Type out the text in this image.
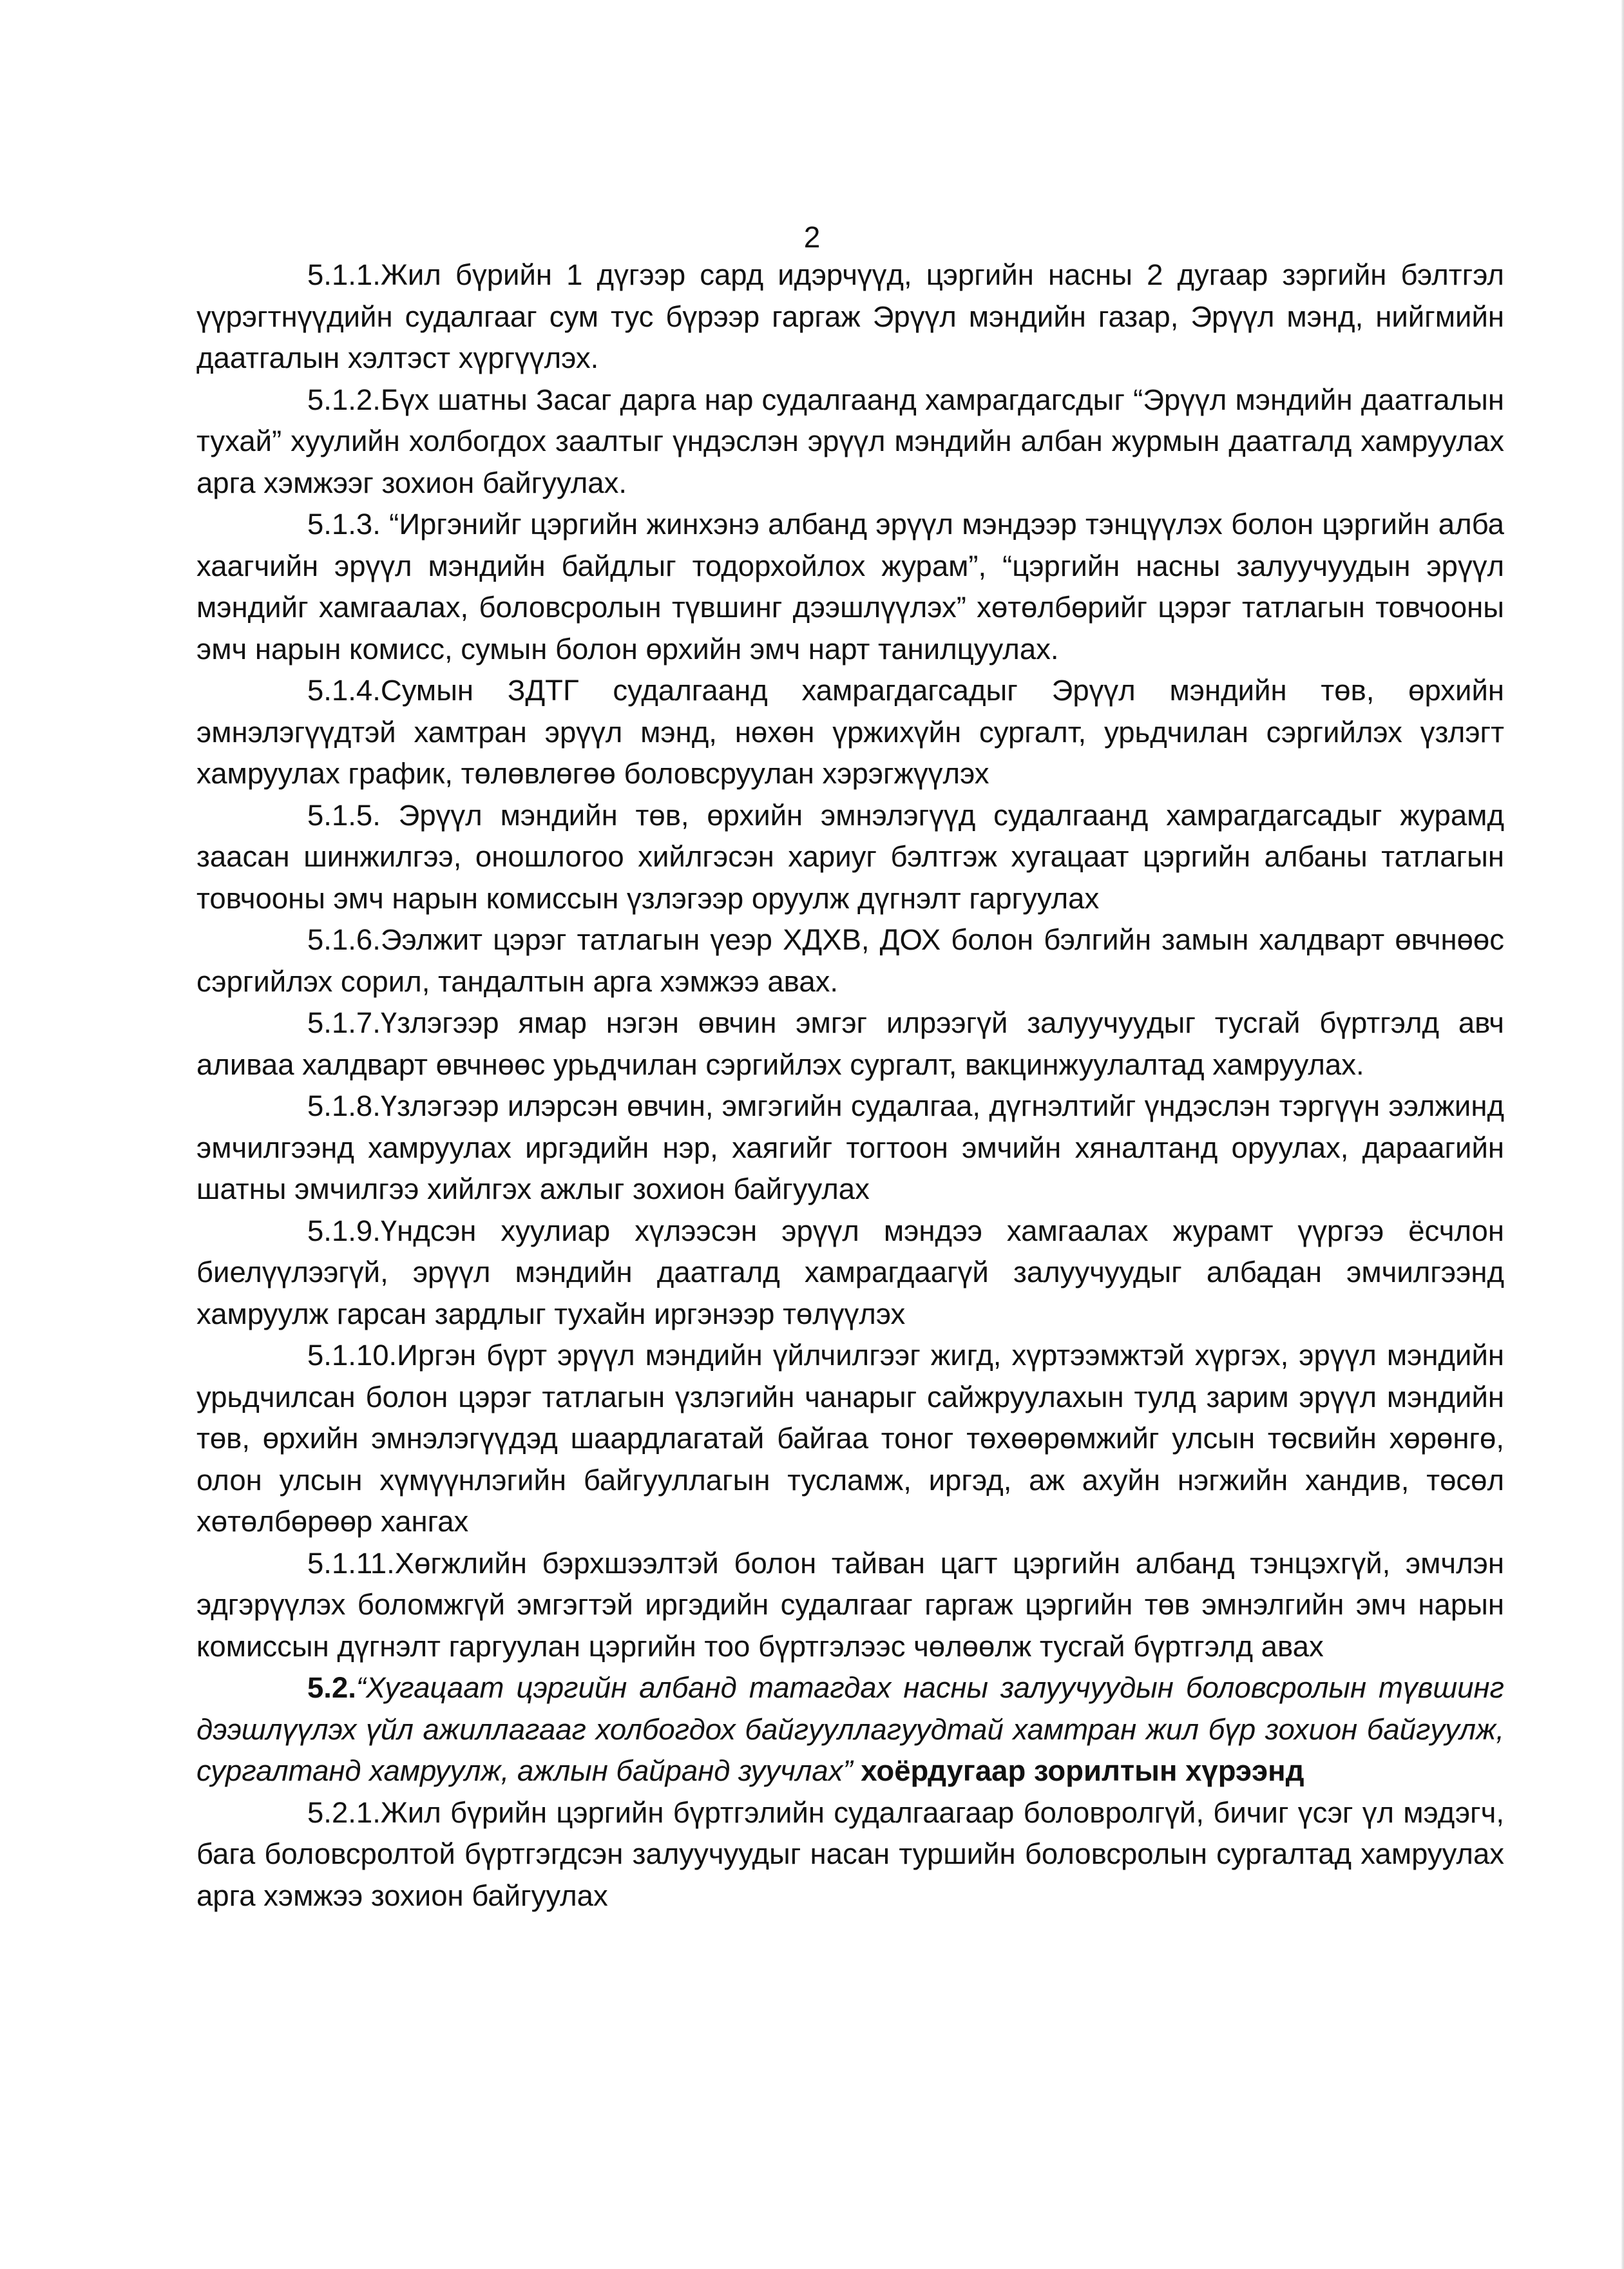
2

5.1.1.Жил бүрийн 1 дүгээр сард идэрчүүд, цэргийн насны 2 дугаар зэргийн бэлтгэл үүрэгтнүүдийн судалгааг сум тус бүрээр гаргаж Эрүүл мэндийн газар, Эрүүл мэнд, нийгмийн даатгалын хэлтэст хүргүүлэх.

5.1.2.Бүх шатны Засаг дарга нар судалгаанд хамрагдагсдыг “Эрүүл мэндийн даатгалын тухай” хуулийн холбогдох заалтыг үндэслэн эрүүл мэндийн албан журмын даатгалд хамруулах арга хэмжээг зохион байгуулах.

5.1.3. “Иргэнийг цэргийн жинхэнэ албанд эрүүл мэндээр тэнцүүлэх болон цэргийн алба хаагчийн эрүүл мэндийн байдлыг тодорхойлох журам”, “цэргийн насны залуучуудын эрүүл мэндийг хамгаалах, боловсролын түвшинг дээшлүүлэх” хөтөлбөрийг цэрэг татлагын товчооны эмч нарын комисс, сумын болон өрхийн эмч нарт танилцуулах.

5.1.4.Сумын ЗДТГ судалгаанд хамрагдагсадыг Эрүүл мэндийн төв, өрхийн эмнэлэгүүдтэй хамтран эрүүл мэнд, нөхөн үржихүйн сургалт, урьдчилан сэргийлэх үзлэгт хамруулах график, төлөвлөгөө боловсруулан хэрэгжүүлэх

5.1.5. Эрүүл мэндийн төв, өрхийн эмнэлэгүүд судалгаанд хамрагдагсадыг журамд заасан шинжилгээ, оношлогоо хийлгэсэн хариуг бэлтгэж хугацаат цэргийн албаны татлагын товчооны эмч нарын комиссын үзлэгээр оруулж дүгнэлт гаргуулах

5.1.6.Ээлжит цэрэг татлагын үеэр ХДХВ, ДОХ болон бэлгийн замын халдварт өвчнөөс сэргийлэх сорил, тандалтын арга хэмжээ авах.

5.1.7.Үзлэгээр ямар нэгэн өвчин эмгэг илрээгүй залуучуудыг тусгай бүртгэлд авч аливаа халдварт өвчнөөс урьдчилан сэргийлэх сургалт, вакцинжуулалтад хамруулах.

5.1.8.Үзлэгээр илэрсэн өвчин, эмгэгийн судалгаа, дүгнэлтийг үндэслэн тэргүүн ээлжинд эмчилгээнд хамруулах иргэдийн нэр, хаягийг тогтоон эмчийн хяналтанд оруулах, дараагийн шатны эмчилгээ хийлгэх ажлыг зохион байгуулах

5.1.9.Үндсэн хуулиар хүлээсэн эрүүл мэндээ хамгаалах журамт үүргээ ёсчлон биелүүлээгүй, эрүүл мэндийн даатгалд хамрагдаагүй залуучуудыг албадан эмчилгээнд хамруулж гарсан зардлыг тухайн иргэнээр төлүүлэх

5.1.10.Иргэн бүрт эрүүл мэндийн үйлчилгээг жигд, хүртээмжтэй хүргэх, эрүүл мэндийн урьдчилсан болон цэрэг татлагын үзлэгийн чанарыг сайжруулахын тулд зарим эрүүл мэндийн төв, өрхийн эмнэлэгүүдэд шаардлагатай байгаа тоног төхөөрөмжийг улсын төсвийн хөрөнгө, олон улсын хүмүүнлэгийн байгууллагын тусламж, иргэд, аж ахуйн нэгжийн хандив, төсөл хөтөлбөрөөр хангах

5.1.11.Хөгжлийн бэрхшээлтэй болон тайван цагт цэргийн албанд тэнцэхгүй, эмчлэн эдгэрүүлэх боломжгүй эмгэгтэй иргэдийн судалгааг гаргаж цэргийн төв эмнэлгийн эмч нарын комиссын дүгнэлт гаргуулан цэргийн тоо бүртгэлээс чөлөөлж тусгай бүртгэлд авах

5.2.“Хугацаат цэргийн албанд татагдах насны залуучуудын боловсролын түвшинг дээшлүүлэх үйл ажиллагааг холбогдох байгууллагуудтай хамтран жил бүр зохион байгуулж, сургалтанд хамруулж, ажлын байранд зуучлах” хоёрдугаар зорилтын хүрээнд

5.2.1.Жил бүрийн цэргийн бүртгэлийн судалгаагаар боловролгүй, бичиг үсэг үл мэдэгч, бага боловсролтой бүртгэгдсэн залуучуудыг насан туршийн боловсролын сургалтад хамруулах арга хэмжээ зохион байгуулах
